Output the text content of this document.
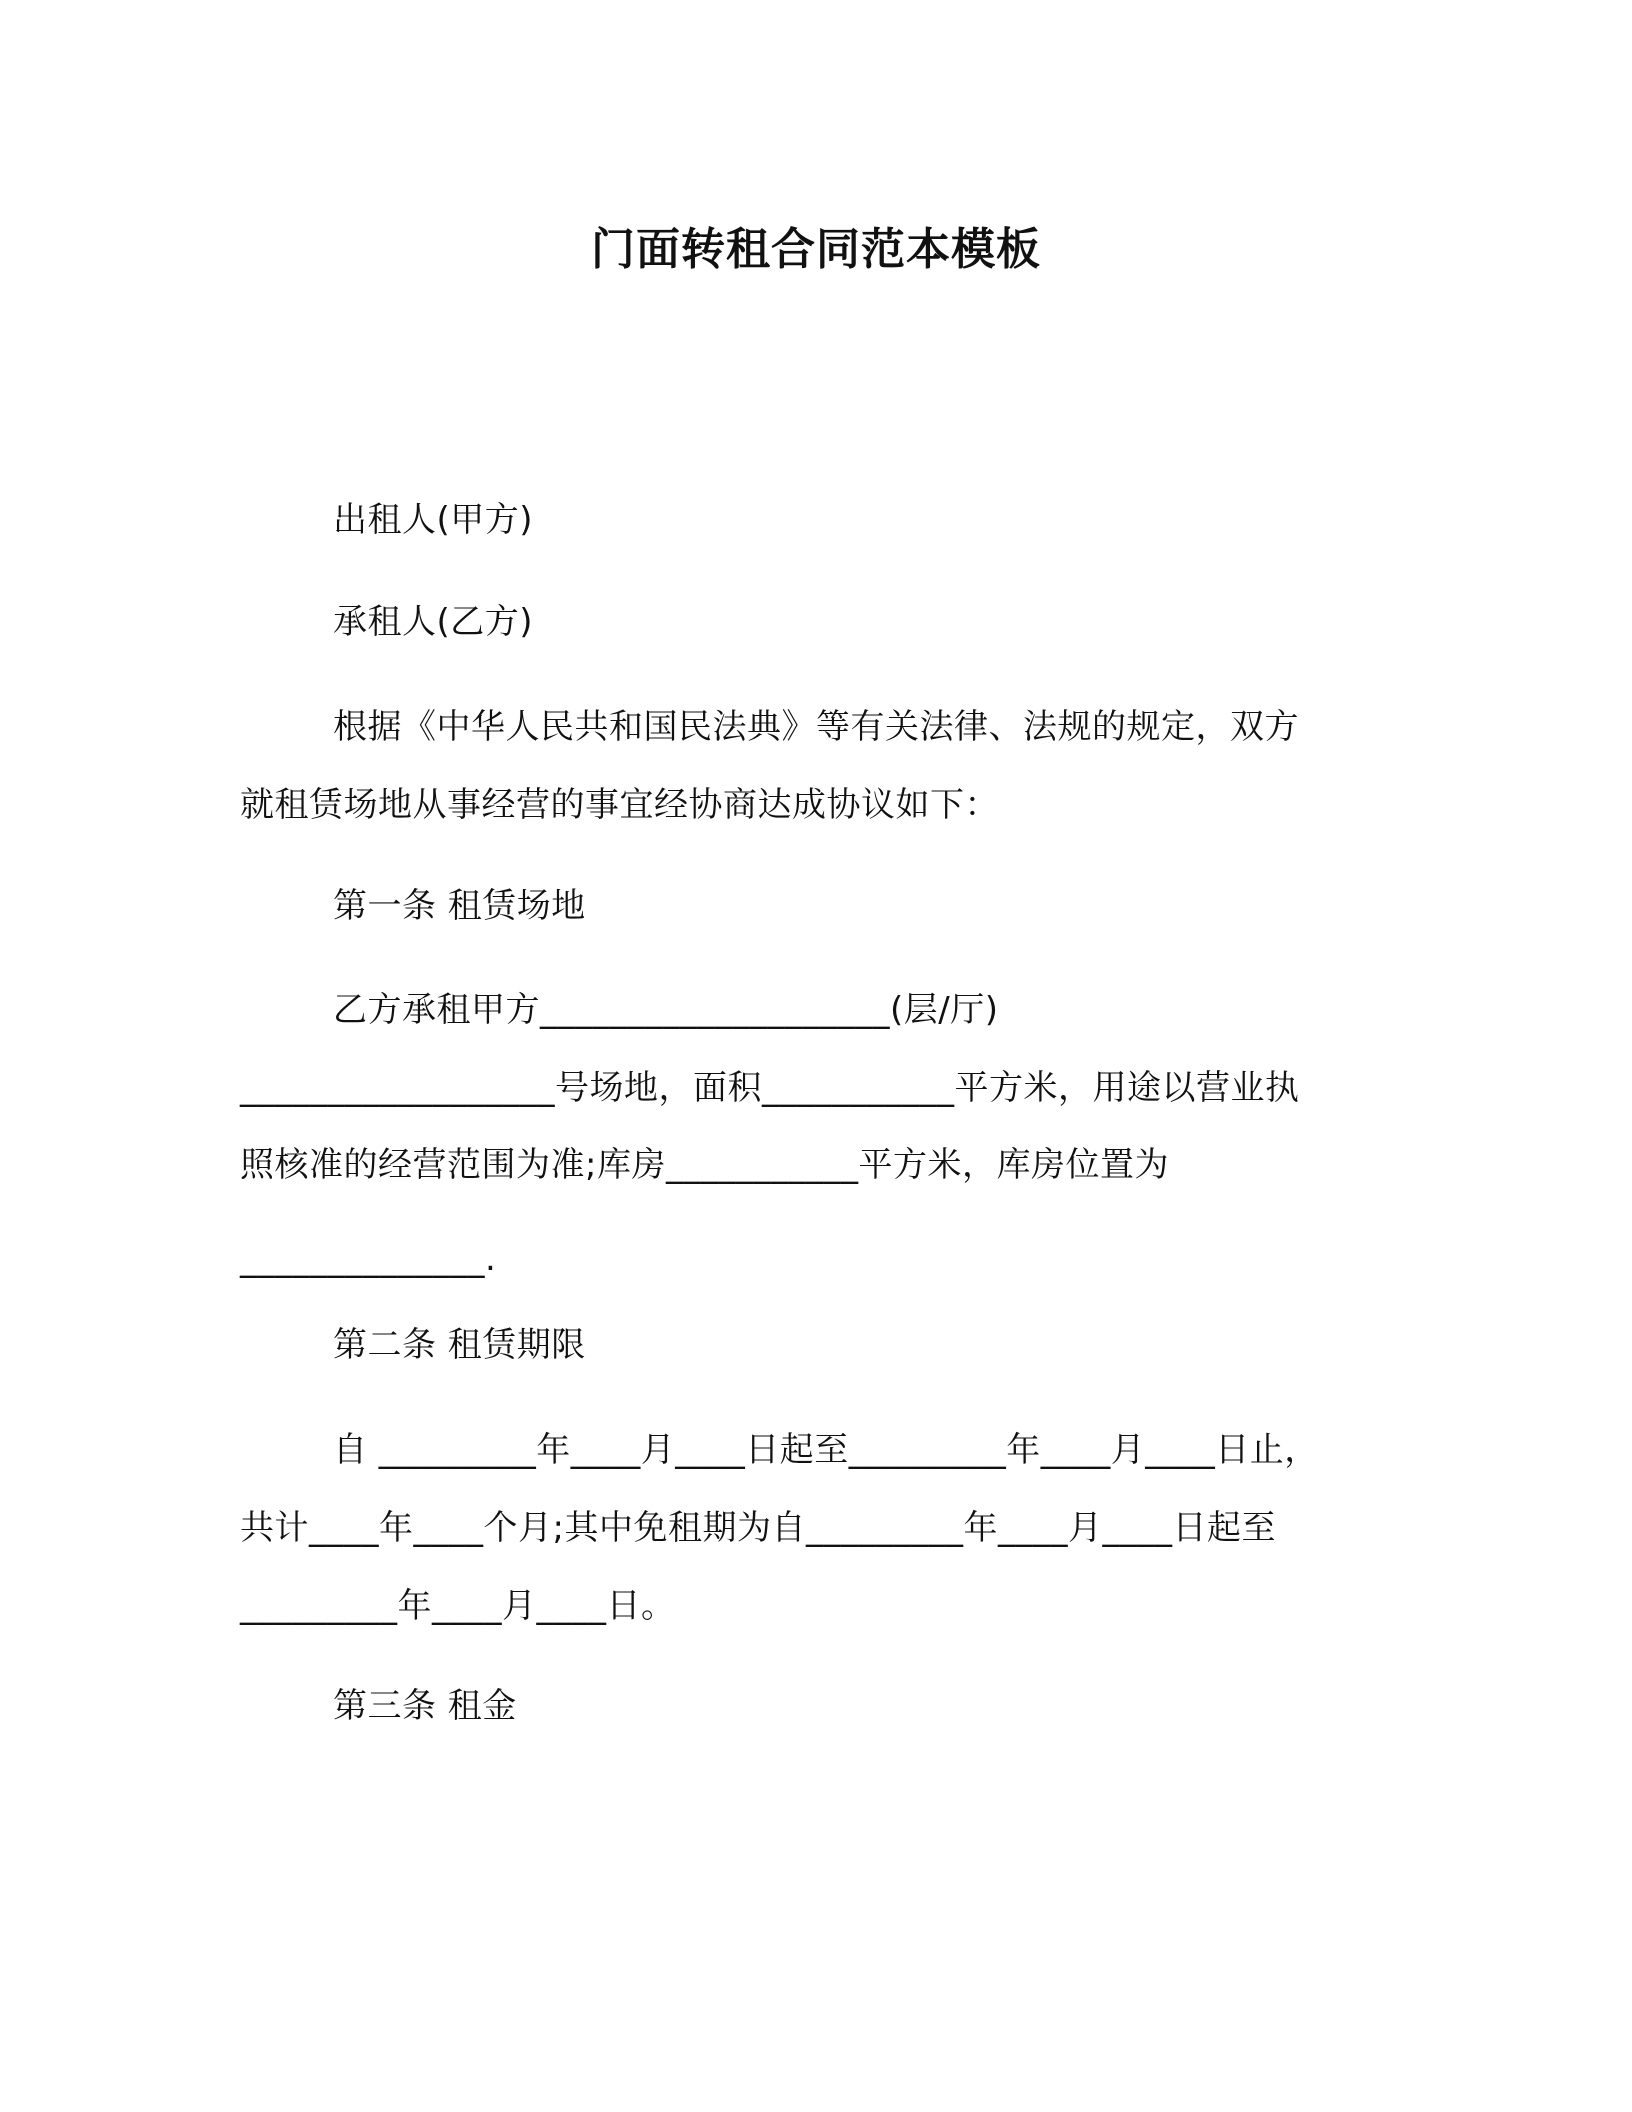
门面转租合同范本模板
出租人(甲方)
承租人(乙方)
根据《中华人民共和国民法典》等有关法律、法规的规定，双方
就租赁场地从事经营的事宜经协商达成协议如下：
第一条 租赁场地
乙方承租甲方____________________(层/厅)
__________________号场地，面积___________平方米，用途以营业执
照核准的经营范围为准;库房___________平方米，库房位置为
______________.
第二条 租赁期限
自 _________年____月____日起至_________年____月____日止，
共计____年____个月;其中免租期为自_________年____月____日起至
_________年____月____日。
第三条 租金
